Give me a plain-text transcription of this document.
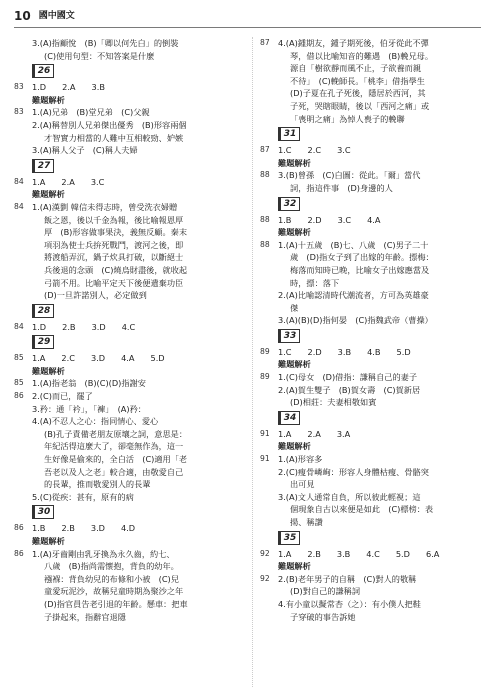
10 國中國文
3.(A)指顧悅　(B)「卿以何先白」的倒裝
(C)使用句型：不知答案是什麼
26
83	1.D 2.A 3.B
難題解析
83	1.(A)兄弟　(B)堂兄弟　(C)父親
2.(A)稱替別人兄弟傑出優秀　(B)形容兩個
才智實力相當的人難中互相較勁、妒嫉
3.(A)稱人父子　(C)稱人夫婦
27
84	1.A 2.A 3.C
難題解析
84	1.(A)漢劉 韓信未得志時，曾受洗衣婦贈
飯之恩，後以千金為報，後比喻報恩厚
厚　(B)形容做事果決，義無反顧。秦末
項羽為使士兵拚死戰鬥，渡河之後，即
將渡船弄沉，鍋子炊具打破，以斷絕士
兵後退的念頭　(C)燒烏財盡後，就收起
弓箭不用。比喻平定天下後便遺棄功臣
(D)一旦許諾別人，必定做到
28
84	1.D 2.B 3.D 4.C
29
85	1.A 2.C 3.D 4.A 5.D
難題解析
85	1.(A)指老翁　(B)(C)(D)指謝安
86	2.(C)而已，罷了
3.矜：通「衿」，「褲」　(A)矜：
4.(A)不忍人之心：指同情心、愛心
(B)孔子責備老朋友原壤之詞，意思是：
年紀活得這麼大了，卻毫無作為，這一
生好像是偷來的，全白活　(C)適用「老
吾老以及人之老」較合適，由敬愛自己
的長輩，推而敬愛別人的長輩
5.(C)從疾：甚有，原有的病
30
86	1.B 2.B 3.D 4.D
難題解析
86	1.(A)牙齒剛由乳牙換為永久齒，約七、
八歲　(B)指尚需懷抱，背負的幼年。
襁褓：背負幼兒的布條和小被　(C)兒
童愛玩泥沙，故稱兒童時期為聚沙之年
(D)指官員告老引退的年齡。懸車：把車
子掛起來，指辭官退隱
87	4.(A)鍾期友，鍾子期死後，伯牙從此不彈
琴，借以比喻知音的難遇　(B)輓兄母。
源自「樹欲靜而風不止，子欲養而親
不待」　(C)輓師長。「桃李」借指學生
(D)子夏在孔子死後，隱居於西河，其
子死，哭瞎眼睛，後以「西河之痛」或
「喪明之痛」為悼人喪子的輓聯
31
87	1.C 2.C 3.C
難題解析
88	3.(B)曾孫　(C)白圖：從此。「爾」當代
詞，指這件事　(D)身邊的人
32
88	1.B 2.D 3.C 4.A
難題解析
88	1.(A)十五歲　(B)七、八歲　(C)男子二十
歲　(D)指女子到了出嫁的年齡。摽梅：
梅落而知時已晚，比喻女子出嫁應當及
時，摽：落下
2.(A)比喻認清時代潮流者，方可為英雄豪
傑
3.(A)(B)(D)指何晏　(C)指魏武帝（曹操）
33
89	1.C 2.D 3.B 4.B 5.D
難題解析
89	1.(C)母女　(D)借指：謙稱自己的妻子
2.(A)賀生雙子　(B)賀女壽　(C)賀新居
(D)相莊：夫妻相敬如賓
34
91	1.A 2.A 3.A
難題解析
91	1.(A)形容多
2.(C)瘦骨嶙峋：形容人身體枯瘦、骨骼突
出可見
3.(A)文人通常自負，所以彼此輕視；這
個現象自古以來便是如此　(C)標榜：表
揚、稱讚
35
92	1.A 2.B 3.B 4.C 5.D 6.A
難題解析
92	2.(B)老年男子的自稱　(C)對人的敬稱
(D)對自己的謙稱詞
4.有小童以擬常杏（之）：有小僕人把鞋
子穿破的事告訴她
